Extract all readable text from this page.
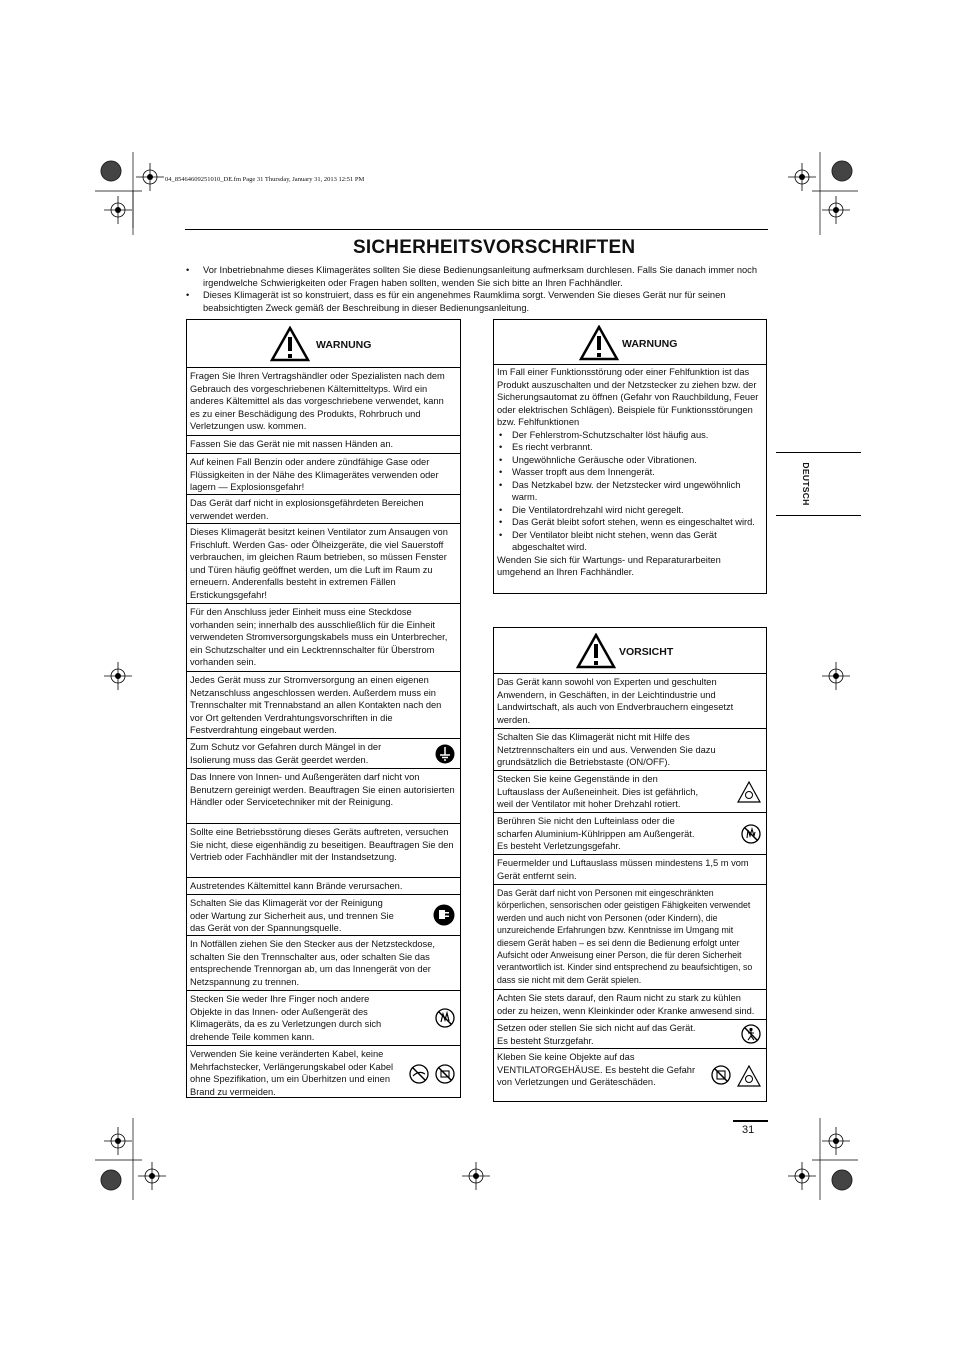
04_85464609251010_DE.fm Page 31 Thursday, January 31, 2013 12:51 PM
SICHERHEITSVORSCHRIFTEN
• Vor Inbetriebnahme dieses Klimagerätes sollten Sie diese Bedienungsanleitung aufmerksam durchlesen. Falls Sie danach immer noch irgendwelche Schwierigkeiten oder Fragen haben sollten, wenden Sie sich bitte an Ihren Fachhändler.
• Dieses Klimagerät ist so konstruiert, dass es für ein angenehmes Raumklima sorgt. Verwenden Sie dieses Gerät nur für seinen beabsichtigten Zweck gemäß der Beschreibung in dieser Bedienungsanleitung.
WARNUNG
Fragen Sie Ihren Vertragshändler oder Spezialisten nach dem Gebrauch des vorgeschriebenen Kältemitteltyps. Wird ein anderes Kältemittel als das vorgeschriebene verwendet, kann es zu einer Beschädigung des Produkts, Rohrbruch und Verletzungen usw. kommen.
Fassen Sie das Gerät nie mit nassen Händen an.
Auf keinen Fall Benzin oder andere zündfähige Gase oder Flüssigkeiten in der Nähe des Klimagerätes verwenden oder lagern — Explosionsgefahr!
Das Gerät darf nicht in explosionsgefährdeten Bereichen verwendet werden.
Dieses Klimagerät besitzt keinen Ventilator zum Ansaugen von Frischluft. Werden Gas- oder Ölheizgeräte, die viel Sauerstoff verbrauchen, im gleichen Raum betrieben, so müssen Fenster und Türen häufig geöffnet werden, um die Luft im Raum zu erneuern. Anderenfalls besteht in extremen Fällen Erstickungsgefahr!
Für den Anschluss jeder Einheit muss eine Steckdose vorhanden sein; innerhalb des ausschließlich für die Einheit verwendeten Stromversorgungskabels muss ein Unterbrecher, ein Schutzschalter und ein Lecktrennschalter für Überstrom vorhanden sein.
Jedes Gerät muss zur Stromversorgung an einen eigenen Netzanschluss angeschlossen werden. Außerdem muss ein Trennschalter mit Trennabstand an allen Kontakten nach den vor Ort geltenden Verdrahtungsvorschriften in die Festverdrahtung eingebaut werden.
Zum Schutz vor Gefahren durch Mängel in der Isolierung muss das Gerät geerdet werden.
Das Innere von Innen- und Außengeräten darf nicht von Benutzern gereinigt werden. Beauftragen Sie einen autorisierten Händler oder Servicetechniker mit der Reinigung.
Sollte eine Betriebsstörung dieses Geräts auftreten, versuchen Sie nicht, diese eigenhändig zu beseitigen. Beauftragen Sie den Vertrieb oder Fachhändler mit der Instandsetzung.
Austretendes Kältemittel kann Brände verursachen.
Schalten Sie das Klimagerät vor der Reinigung oder Wartung zur Sicherheit aus, und trennen Sie das Gerät von der Spannungsquelle.
In Notfällen ziehen Sie den Stecker aus der Netzsteckdose, schalten Sie den Trennschalter aus, oder schalten Sie das entsprechende Trennorgan ab, um das Innengerät von der Netzspannung zu trennen.
Stecken Sie weder Ihre Finger noch andere Objekte in das Innen- oder Außengerät des Klimageräts, da es zu Verletzungen durch sich drehende Teile kommen kann.
Verwenden Sie keine veränderten Kabel, keine Mehrfachstecker, Verlängerungskabel oder Kabel ohne Spezifikation, um ein Überhitzen und einen Brand zu vermeiden.
WARNUNG
Im Fall einer Funktionsstörung oder einer Fehlfunktion ist das Produkt auszuschalten und der Netzstecker zu ziehen bzw. der Sicherungsautomat zu öffnen (Gefahr von Rauchbildung, Feuer oder elektrischen Schlägen). Beispiele für Funktionsstörungen bzw. Fehlfunktionen
• Der Fehlerstrom-Schutzschalter löst häufig aus.
• Es riecht verbrannt.
• Ungewöhnliche Geräusche oder Vibrationen.
• Wasser tropft aus dem Innengerät.
• Das Netzkabel bzw. der Netzstecker wird ungewöhnlich warm.
• Die Ventilatordrehzahl wird nicht geregelt.
• Das Gerät bleibt sofort stehen, wenn es eingeschaltet wird.
• Der Ventilator bleibt nicht stehen, wenn das Gerät abgeschaltet wird.
Wenden Sie sich für Wartungs- und Reparaturarbeiten umgehend an Ihren Fachhändler.
VORSICHT
Das Gerät kann sowohl von Experten und geschulten Anwendern, in Geschäften, in der Leichtindustrie und Landwirtschaft, als auch von Endverbrauchern eingesetzt werden.
Schalten Sie das Klimagerät nicht mit Hilfe des Netztrennschalters ein und aus. Verwenden Sie dazu grundsätzlich die Betriebstaste (ON/OFF).
Stecken Sie keine Gegenstände in den Luftauslass der Außeneinheit. Dies ist gefährlich, weil der Ventilator mit hoher Drehzahl rotiert.
Berühren Sie nicht den Lufteinlass oder die scharfen Aluminium-Kühlrippen am Außengerät. Es besteht Verletzungsgefahr.
Feuermelder und Luftauslass müssen mindestens 1,5 m vom Gerät entfernt sein.
Das Gerät darf nicht von Personen mit eingeschränkten körperlichen, sensorischen oder geistigen Fähigkeiten verwendet werden und auch nicht von Personen (oder Kindern), die unzureichende Erfahrungen bzw. Kenntnisse im Umgang mit diesem Gerät haben – es sei denn die Bedienung erfolgt unter Aufsicht oder Anweisung einer Person, die für deren Sicherheit verantwortlich ist. Kinder sind entsprechend zu beaufsichtigen, so dass sie nicht mit dem Gerät spielen.
Achten Sie stets darauf, den Raum nicht zu stark zu kühlen oder zu heizen, wenn Kleinkinder oder Kranke anwesend sind.
Setzen oder stellen Sie sich nicht auf das Gerät. Es besteht Sturzgefahr.
Kleben Sie keine Objekte auf das VENTILATORGEHÄUSE. Es besteht die Gefahr von Verletzungen und Geräteschäden.
DEUTSCH
31
